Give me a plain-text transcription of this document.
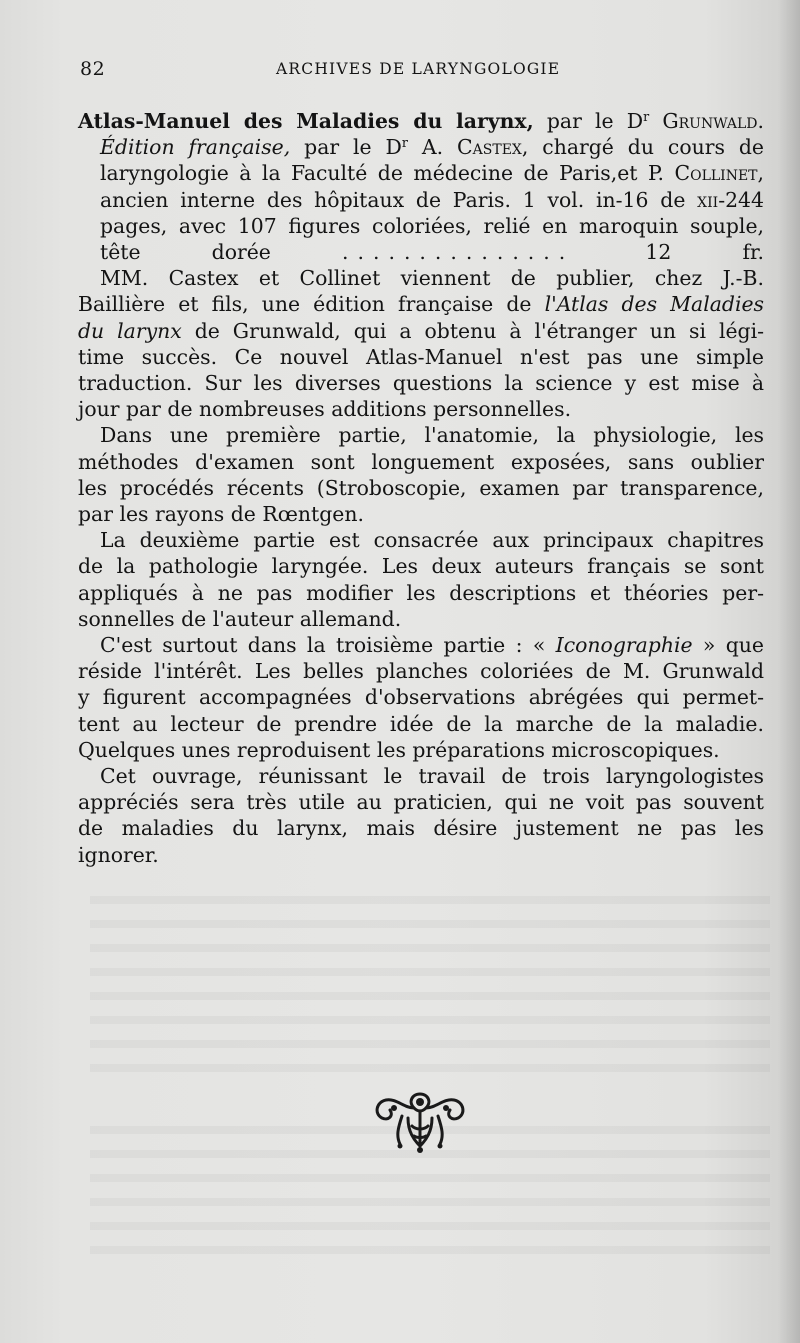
82	ARCHIVES DE LARYNGOLOGIE
Atlas-Manuel des Maladies du larynx, par le $D^r$ Grunwald.
Édition française, par le $D^r$ A. Castex, chargé du cours de
laryngologie à la Faculté de médecine de Paris,et P. Collinet,
ancien interne des hôpitaux de Paris. 1 vol. in-16 de xii-244
pages, avec 107 figures coloriées, relié en maroquin souple,
tête dorée ............... 12 fr.
MM. Castex et Collinet viennent de publier, chez J.-B.
Baillière et fils, une édition française de l'Atlas des Maladies
du larynx de Grunwald, qui a obtenu à l'étranger un si légi-
time succès. Ce nouvel Atlas-Manuel n'est pas une simple
traduction. Sur les diverses questions la science y est mise à
jour par de nombreuses additions personnelles.
Dans une première partie, l'anatomie, la physiologie, les
méthodes d'examen sont longuement exposées, sans oublier
les procédés récents (Stroboscopie, examen par transparence,
par les rayons de Rœntgen.
La deuxième partie est consacrée aux principaux chapitres
de la pathologie laryngée. Les deux auteurs français se sont
appliqués à ne pas modifier les descriptions et théories per-
sonnelles de l'auteur allemand.
C'est surtout dans la troisième partie : « Iconographie » que
réside l'intérêt. Les belles planches coloriées de M. Grunwald
y figurent accompagnées d'observations abrégées qui permet-
tent au lecteur de prendre idée de la marche de la maladie.
Quelques unes reproduisent les préparations microscopiques.
Cet ouvrage, réunissant le travail de trois laryngologistes
appréciés sera très utile au praticien, qui ne voit pas souvent
de maladies du larynx, mais désire justement ne pas les
ignorer.
